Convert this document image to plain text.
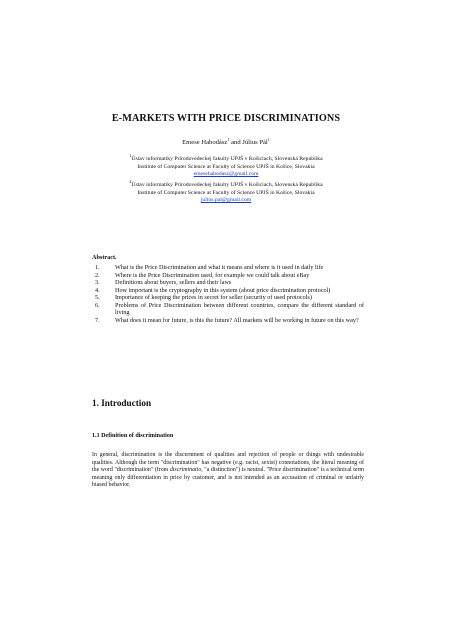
E-MARKETS WITH PRICE DISCRIMINATIONS
Emese Habodász$^1$ and Július Pál$^1$
$^1$Ústav informatiky Prírodovedeckej fakulty UPJŠ v Košiciach, Slovenská Republika
Institute of Computer Science at Faculty of Science UPJŠ in Košice, Slovakia
emesehabodasz@gmail.com
$^2$Ústav informatiky Prírodovedeckej fakulty UPJŠ v Košiciach, Slovenská Republika
Institute of Computer Science at Faculty of Science UPJŠ in Košice, Slovakia
julius.pal@gmail.com
Abstract.
1.	What is the Price Discrimination and what it means and where is it used in daily life
2.	Where is the Price Discrimination used, for example we could talk about eBay
3.	Definitions about buyers, sellers and their laws
4.	How important is the cryptography in this system (about price discrimination protocol)
5.	Importance of keeping the prices in secret for seller (security of used protocols)
6.	Problems of Price Discrimination between different countries, compare the different standard of living
7.	What does it mean for future, is this the future? All markets will be working in future on this way?
1. Introduction
1.1 Definition of discrimination
In general, discrimination is the discernment of qualities and rejection of people or things with undesirable qualities. Although the term "discrimination" has negative (e.g. racist, sexist) connotations, the literal meaning of the word "discrimination" (from discriminatio, "a distinction") is neutral. "Price discrimination" is a technical term meaning only differentiation in price by customer, and is not intended as an accusation of criminal or unfairly biased behavior.
